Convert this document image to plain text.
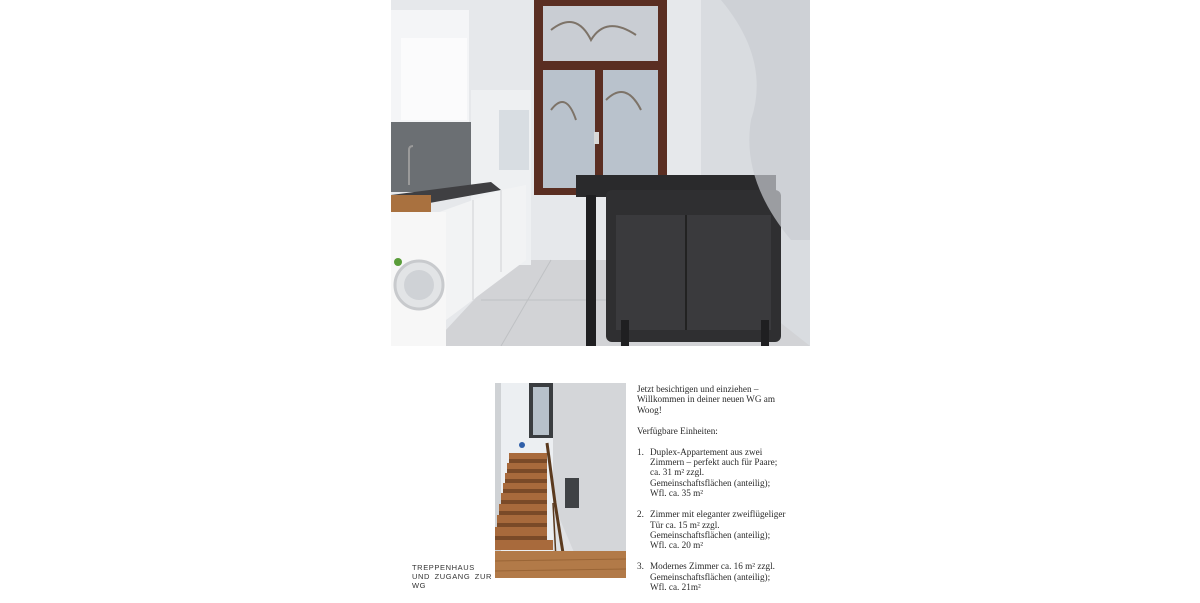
TREPPENHAUS UND ZUGANG ZUR WG

Jetzt besichtigen und einziehen – Willkommen in deiner neuen WG am Woog!

Verfügbare Einheiten:

1. Duplex-Appartement aus zwei Zimmern – perfekt auch für Paare; ca. 31 m² zzgl. Gemeinschaftsflächen (anteilig); Wfl. ca. 35 m²
2. Zimmer mit eleganter zweiflügeliger Tür ca. 15 m² zzgl. Gemeinschaftsflächen (anteilig); Wfl. ca. 20 m²
3. Modernes Zimmer ca. 16 m² zzgl. Gemeinschaftsflächen (anteilig); Wfl. ca. 21m²
